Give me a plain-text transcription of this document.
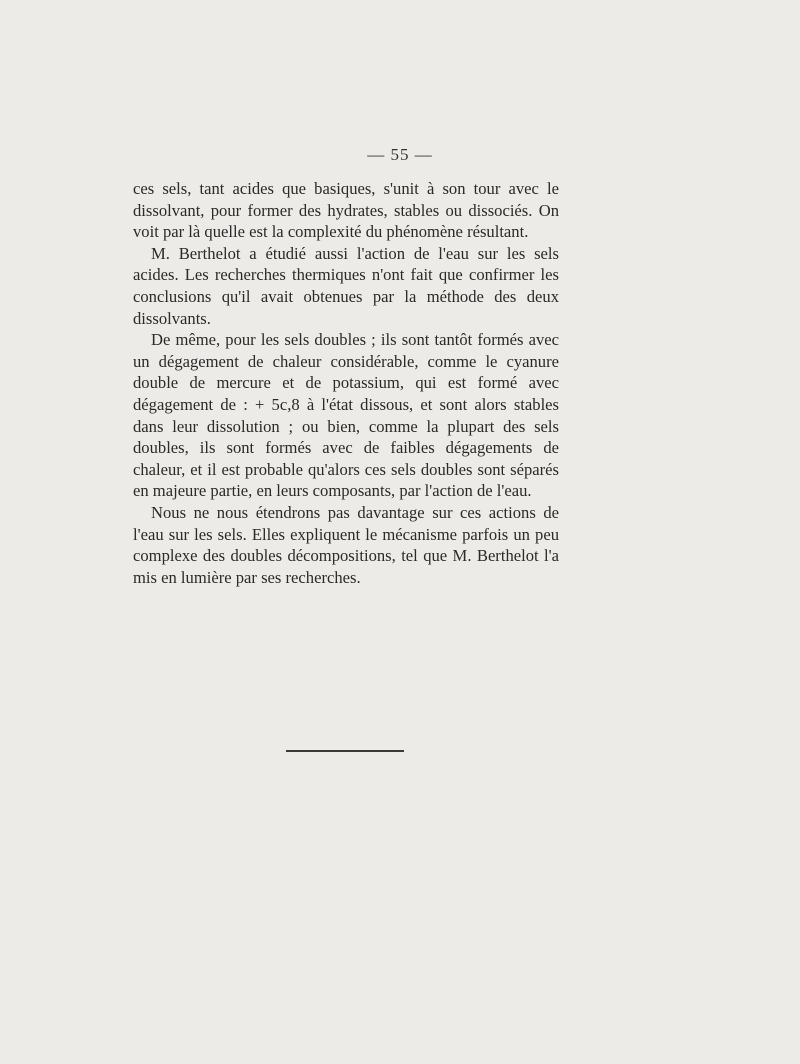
— 55 —

ces sels, tant acides que basiques, s'unit à son tour avec le dissolvant, pour former des hydrates, stables ou dissociés. On voit par là quelle est la complexité du phénomène résultant.

M. Berthelot a étudié aussi l'action de l'eau sur les sels acides. Les recherches thermiques n'ont fait que confirmer les conclusions qu'il avait obtenues par la méthode des deux dissolvants.

De même, pour les sels doubles ; ils sont tantôt formés avec un dégagement de chaleur considérable, comme le cyanure double de mercure et de potassium, qui est formé avec dégagement de : + 5c,8 à l'état dissous, et sont alors stables dans leur dissolution ; ou bien, comme la plupart des sels doubles, ils sont formés avec de faibles dégagements de chaleur, et il est probable qu'alors ces sels doubles sont séparés en majeure partie, en leurs composants, par l'action de l'eau.

Nous ne nous étendrons pas davantage sur ces actions de l'eau sur les sels. Elles expliquent le mécanisme parfois un peu complexe des doubles décompositions, tel que M. Berthelot l'a mis en lumière par ses recherches.
